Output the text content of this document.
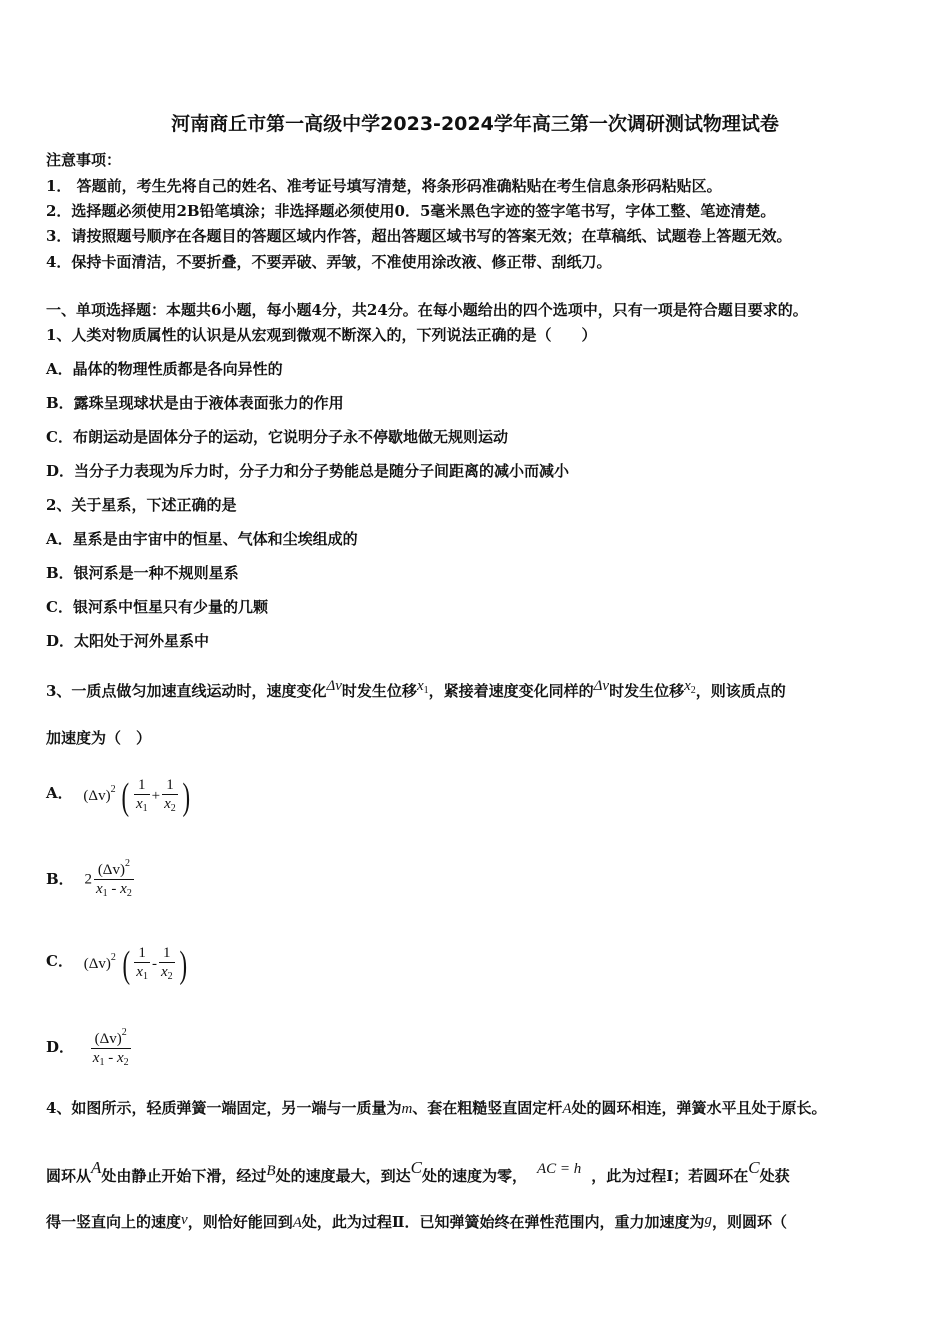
河南商丘市第一高级中学2023-2024学年高三第一次调研测试物理试卷
注意事项：
1． 答题前，考生先将自己的姓名、准考证号填写清楚，将条形码准确粘贴在考生信息条形码粘贴区。
2．选择题必须使用2B铅笔填涂；非选择题必须使用0．5毫米黑色字迹的签字笔书写，字体工整、笔迹清楚。
3．请按照题号顺序在各题目的答题区域内作答，超出答题区域书写的答案无效；在草稿纸、试题卷上答题无效。
4．保持卡面清洁，不要折叠，不要弄破、弄皱，不准使用涂改液、修正带、刮纸刀。
一、单项选择题：本题共6小题，每小题4分，共24分。在每小题给出的四个选项中，只有一项是符合题目要求的。
1、人类对物质属性的认识是从宏观到微观不断深入的，下列说法正确的是（　　）
A．晶体的物理性质都是各向异性的
B．露珠呈现球状是由于液体表面张力的作用
C．布朗运动是固体分子的运动，它说明分子永不停歇地做无规则运动
D．当分子力表现为斥力时，分子力和分子势能总是随分子间距离的减小而减小
2、关于星系，下述正确的是
A．星系是由宇宙中的恒星、气体和尘埃组成的
B．银河系是一种不规则星系
C．银河系中恒星只有少量的几颗
D．太阳处于河外星系中
3、一质点做匀加速直线运动时，速度变化Δv时发生位移$x_1$，紧接着速度变化同样的Δv时发生位移$x_2$，则该质点的
加速度为（　）
A． $(\Delta v)^2$ ( $\frac{1}{x_1} + \frac{1}{x_2}$ )
B． $2 \frac{(\Delta v)^2}{x_1 - x_2}$
C． $(\Delta v)^2$ ( $\frac{1}{x_1} - \frac{1}{x_2}$ )
D． $\frac{(\Delta v)^2}{x_1 - x_2}$
4、如图所示，轻质弹簧一端固定，另一端与一质量为m、套在粗糙竖直固定杆A处的圆环相连，弹簧水平且处于原长。
圆环从A处由静止开始下滑，经过B处的速度最大，到达C处的速度为零， AC = h ，此为过程Ⅰ；若圆环在C处获
得一竖直向上的速度v，则恰好能回到A处，此为过程Ⅱ．已知弹簧始终在弹性范围内，重力加速度为g，则圆环（
